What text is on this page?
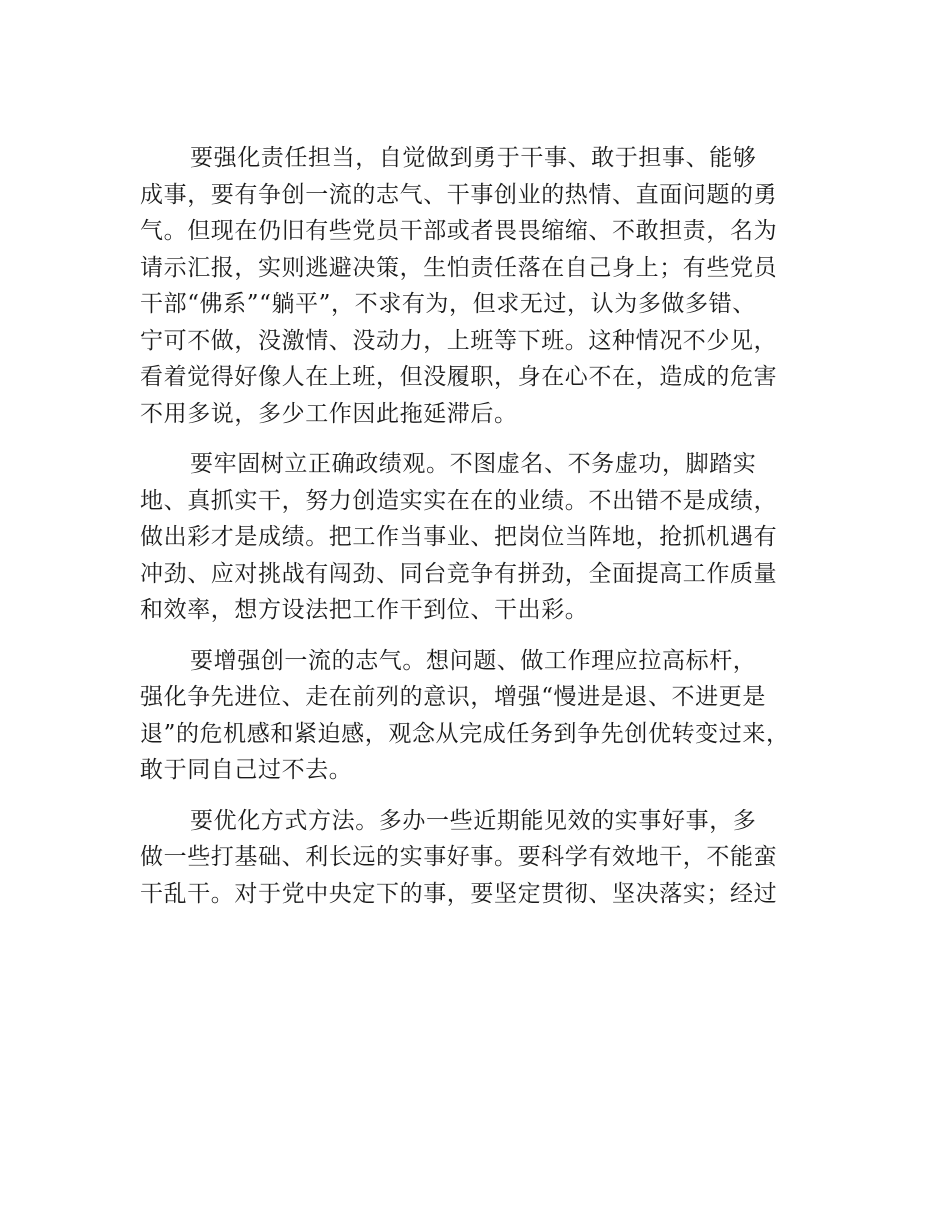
要强化责任担当，自觉做到勇于干事、敢于担事、能够
成事，要有争创一流的志气、干事创业的热情、直面问题的勇
气。但现在仍旧有些党员干部或者畏畏缩缩、不敢担责，名为
请示汇报，实则逃避决策，生怕责任落在自己身上；有些党员
干部“佛系”“躺平”，不求有为，但求无过，认为多做多错、
宁可不做，没激情、没动力，上班等下班。这种情况不少见，
看着觉得好像人在上班，但没履职，身在心不在，造成的危害
不用多说，多少工作因此拖延滞后。
要牢固树立正确政绩观。不图虚名、不务虚功，脚踏实
地、真抓实干，努力创造实实在在的业绩。不出错不是成绩，
做出彩才是成绩。把工作当事业、把岗位当阵地，抢抓机遇有
冲劲、应对挑战有闯劲、同台竞争有拼劲，全面提高工作质量
和效率，想方设法把工作干到位、干出彩。
要增强创一流的志气。想问题、做工作理应拉高标杆，
强化争先进位、走在前列的意识，增强“慢进是退、不进更是
退”的危机感和紧迫感，观念从完成任务到争先创优转变过来，
敢于同自己过不去。
要优化方式方法。多办一些近期能见效的实事好事，多
做一些打基础、利长远的实事好事。要科学有效地干，不能蛮
干乱干。对于党中央定下的事，要坚定贯彻、坚决落实；经过
